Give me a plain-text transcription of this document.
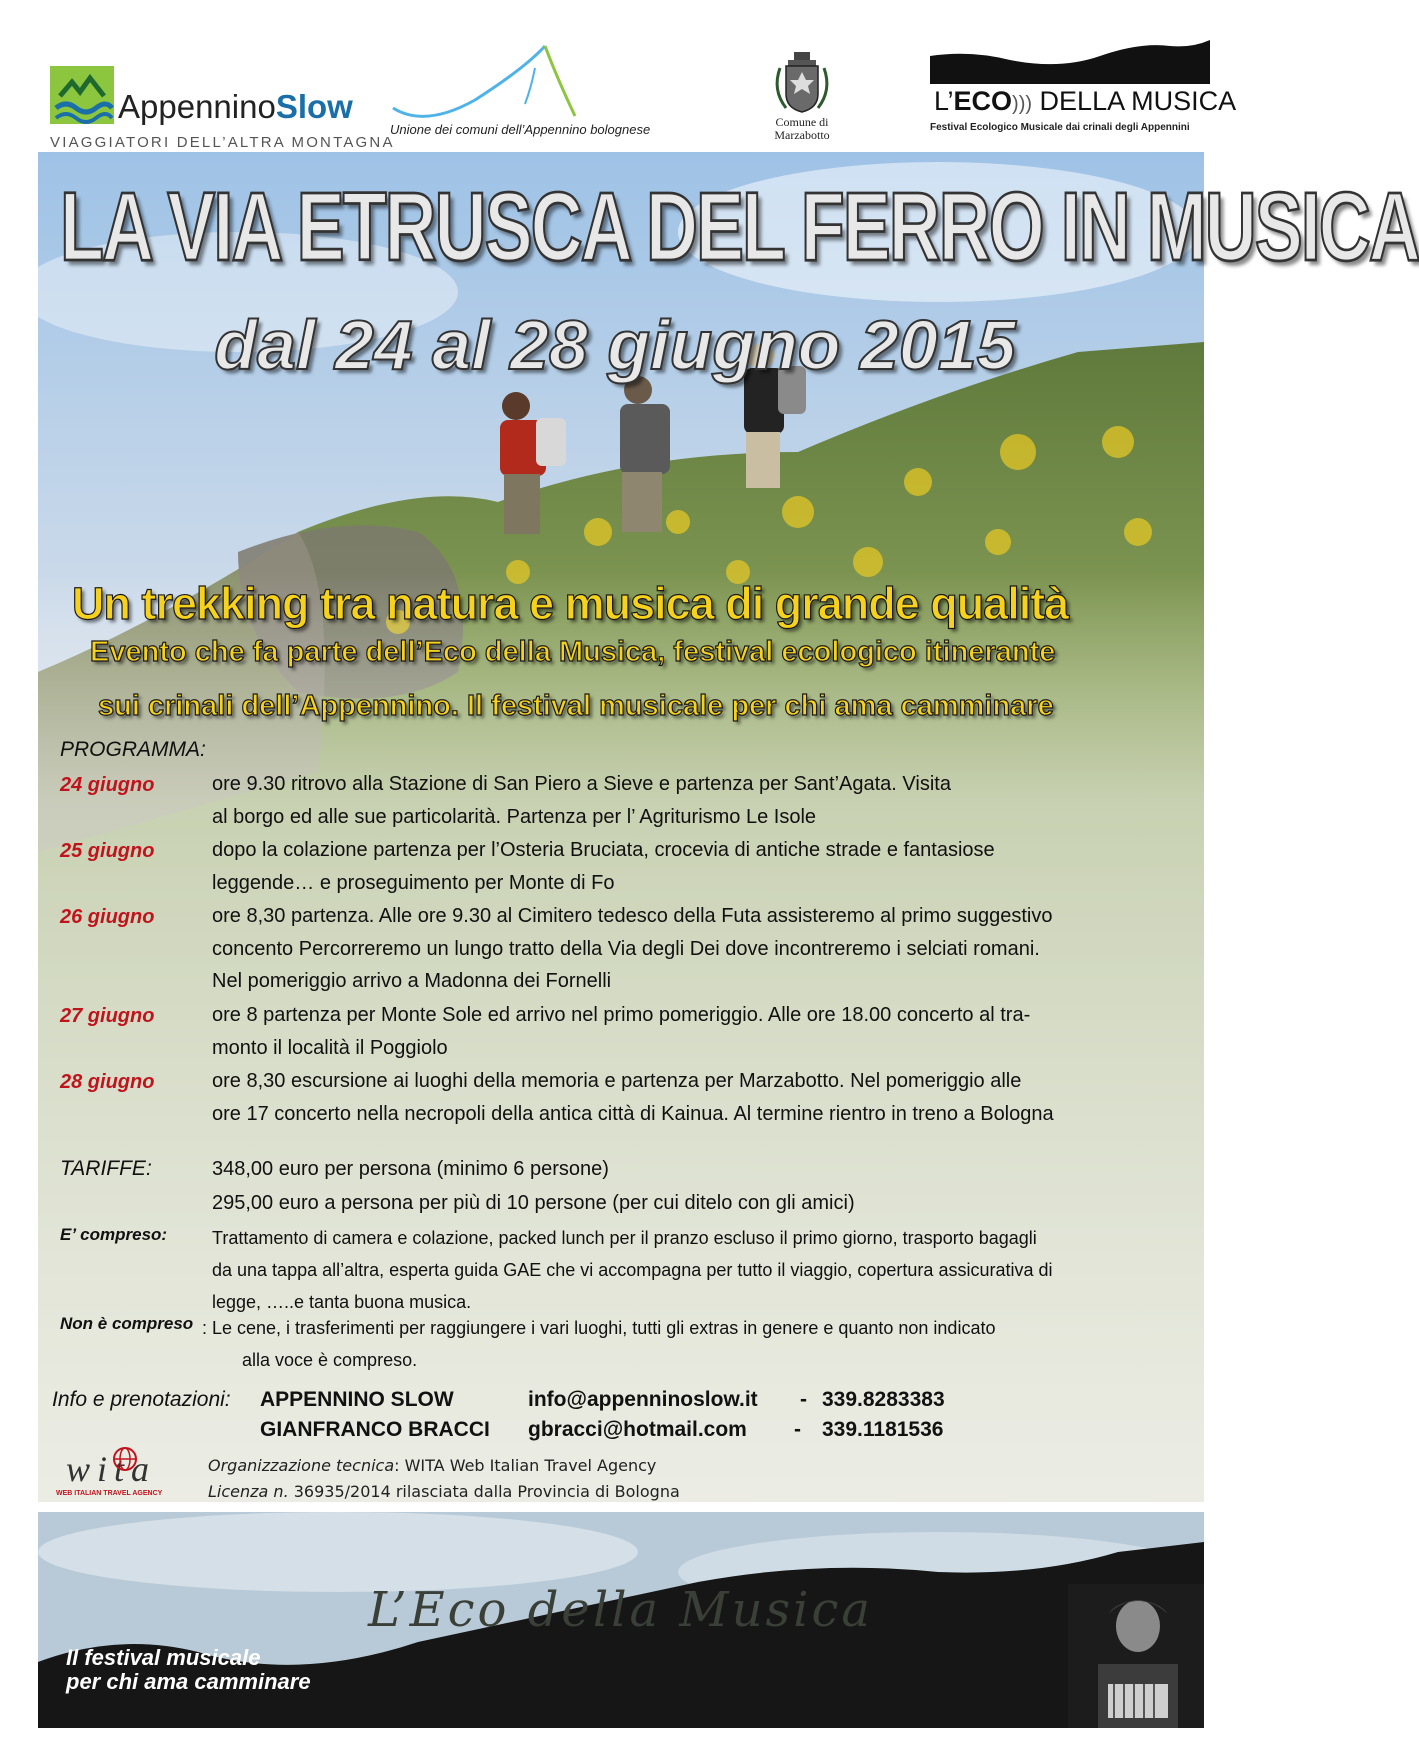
AppenninoSlow
VIAGGIATORI DELL’ALTRA MONTAGNA
Unione dei comuni dell’Appennino bolognese	Comune di
Marzabotto
L’ECO))) DELLA MUSICA
Festival Ecologico Musicale dai crinali degli Appennini
LA VIA ETRUSCA DEL FERRO IN MUSICA
dal 24 al 28 giugno 2015
Un trekking tra natura e musica di grande qualità
Evento che fa parte dell’Eco della Musica, festival ecologico itinerante
sui crinali dell’Appennino. Il festival musicale per chi ama camminare
PROGRAMMA:
24 giugno	ore 9.30 ritrovo alla Stazione di San Piero a Sieve e partenza per Sant’Agata. Visita
al borgo ed alle sue particolarità. Partenza per l’ Agriturismo Le Isole
25 giugno	dopo la colazione partenza per l’Osteria Bruciata, crocevia di antiche strade e fantasiose
leggende… e proseguimento per Monte di Fo
26 giugno	ore 8,30 partenza. Alle ore 9.30 al Cimitero tedesco della Futa assisteremo al primo suggestivo
concento Percorreremo un lungo tratto della Via degli Dei dove incontreremo i selciati romani.
Nel pomeriggio arrivo a Madonna dei Fornelli
27 giugno	ore 8 partenza per Monte Sole ed arrivo nel primo pomeriggio. Alle ore 18.00 concerto al tra-
monto il località il Poggiolo
28 giugno	ore 8,30 escursione ai luoghi della memoria e partenza per Marzabotto. Nel pomeriggio alle
ore 17 concerto nella necropoli della antica città di Kainua. Al termine rientro in treno a Bologna
TARIFFE:	348,00 euro per persona (minimo 6 persone)
295,00 euro a persona per più di 10 persone (per cui ditelo con gli amici)
E’ compreso: Trattamento di camera e colazione, packed lunch per il pranzo escluso il primo giorno, trasporto bagagli
da una tappa all’altra, esperta guida GAE che vi accompagna per tutto il viaggio, copertura assicurativa di
legge, …..e tanta buona musica.
Non è compreso : Le cene, i trasferimenti per raggiungere i vari luoghi, tutti gli extras in genere e quanto non indicato
alla voce è compreso.
Info e prenotazioni: APPENNINO SLOW	info@appenninoslow.it - 339.8283383
GIANFRANCO BRACCI gbracci@hotmail.com - 339.1181536
wita
WEB ITALIAN TRAVEL AGENCY
Organizzazione tecnica: WITA Web Italian Travel Agency
Licenza n. 36935/2014 rilasciata dalla Provincia di Bologna
L’Eco della Musica
Il festival musicale
per chi ama camminare
